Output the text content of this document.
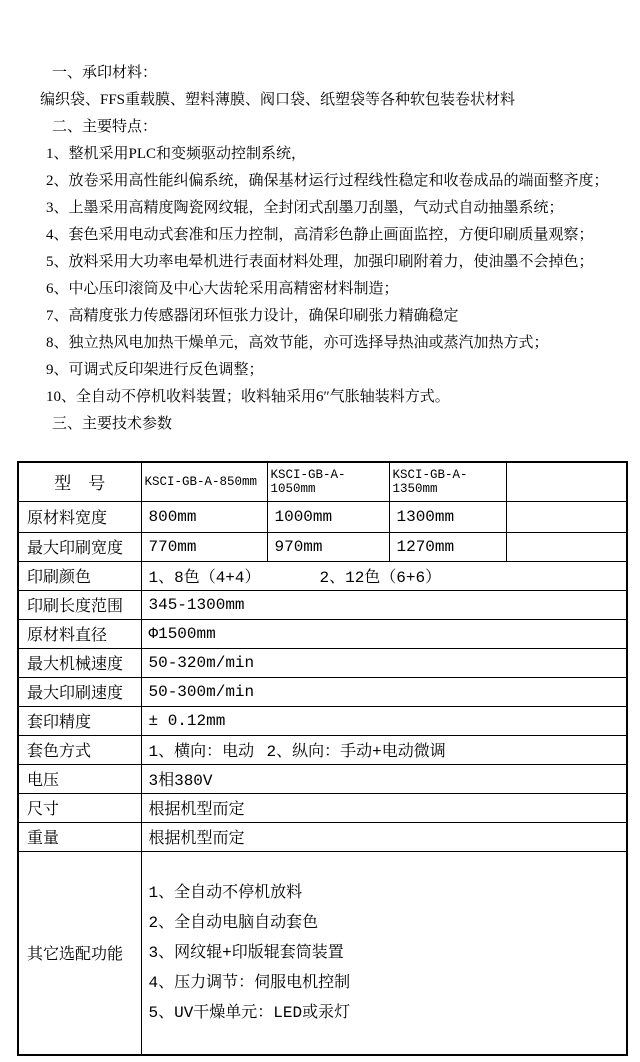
一、承印材料：
编织袋、FFS重载膜、塑料薄膜、阀口袋、纸塑袋等各种软包装卷状材料
二、主要特点：
1、整机采用PLC和变频驱动控制系统，
2、放卷采用高性能纠偏系统，确保基材运行过程线性稳定和收卷成品的端面整齐度；
3、上墨采用高精度陶瓷网纹辊，全封闭式刮墨刀刮墨，气动式自动抽墨系统；
4、套色采用电动式套准和压力控制，高清彩色静止画面监控，方便印刷质量观察；
5、放料采用大功率电晕机进行表面材料处理，加强印刷附着力，使油墨不会掉色；
6、中心压印滚筒及中心大齿轮采用高精密材料制造；
7、高精度张力传感器闭环恒张力设计，确保印刷张力精确稳定
8、独立热风电加热干燥单元，高效节能，亦可选择导热油或蒸汽加热方式；
9、可调式反印架进行反色调整；
10、全自动不停机收料装置；收料轴采用6″气胀轴装料方式。
三、主要技术参数
型　号	KSCI-GB-A-850mm	KSCI-GB-A-1050mm	KSCI-GB-A-1350mm	
原材料宽度	800mm	1000mm	1300mm	
最大印刷宽度	770mm	970mm	1270mm	
印刷颜色	1、8色（4+4） 2、12色（6+6）			
印刷长度范围	345-1300mm			
原材料直径	Φ1500mm			
最大机械速度	50-320m/min			
最大印刷速度	50-300m/min			
套印精度	± 0.12mm			
套色方式	1、横向：电动 2、纵向：手动+电动微调			
电压	3相380V			
尺寸	根据机型而定			
重量	根据机型而定			
其它选配功能	1、全自动不停机放料
2、全自动电脑自动套色
3、网纹辊+印版辊套筒装置
4、压力调节：伺服电机控制
5、UV干燥单元：LED或汞灯			
